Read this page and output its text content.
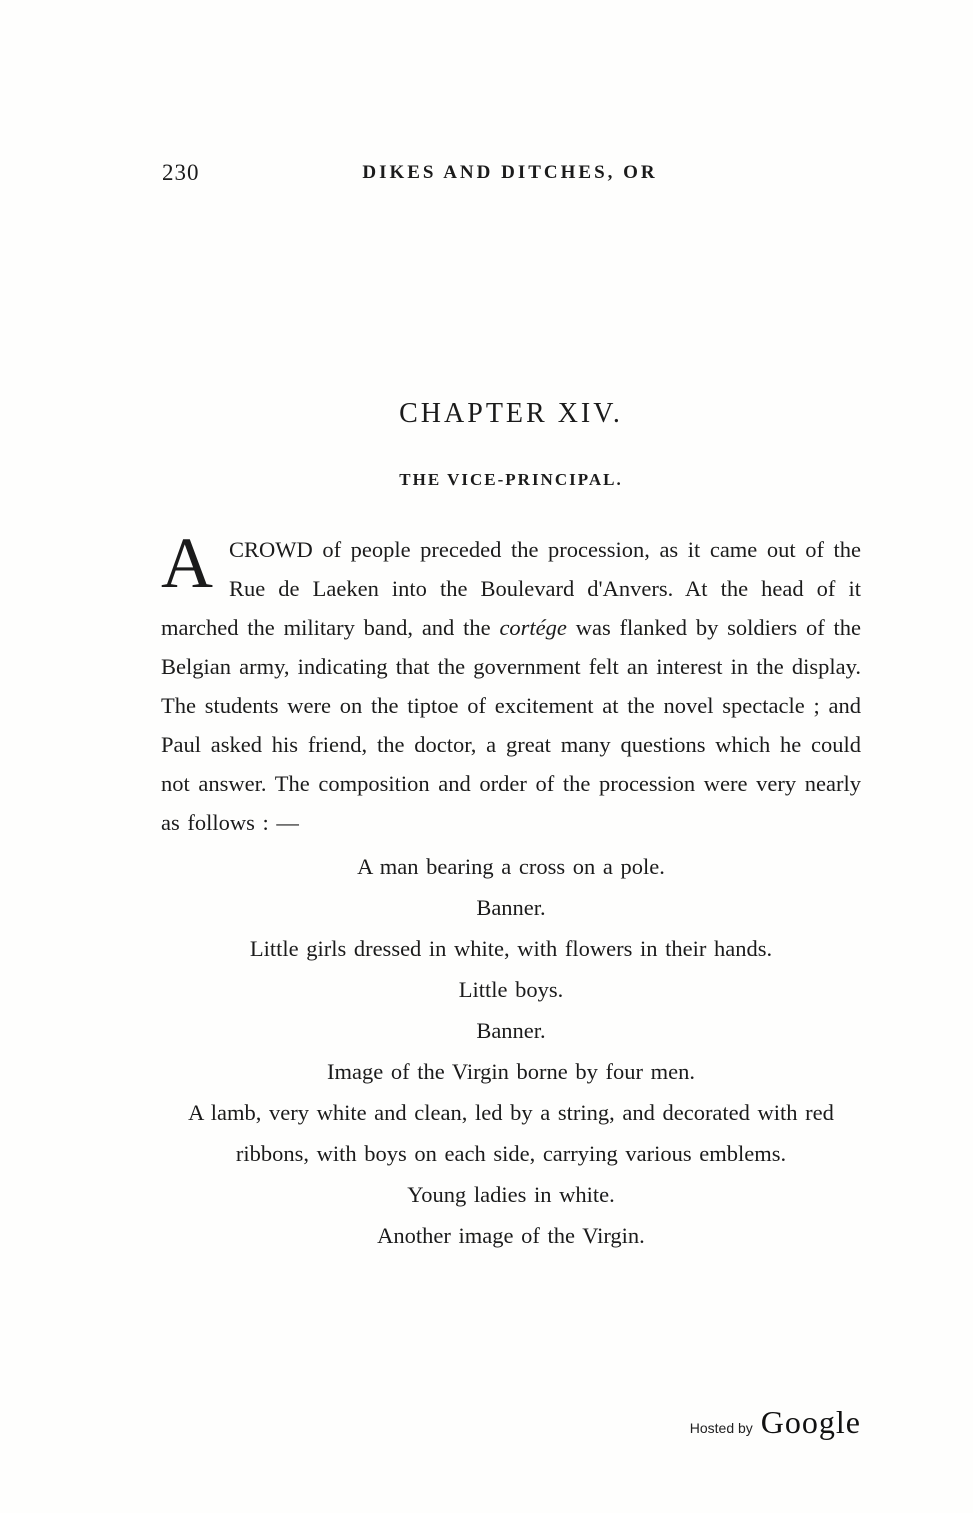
230	DIKES AND DITCHES, OR
CHAPTER XIV.
THE VICE-PRINCIPAL.

A CROWD of people preceded the procession, as it came out of the Rue de Laeken into the Boulevard d'Anvers. At the head of it marched the military band, and the cortége was flanked by soldiers of the Belgian army, indicating that the government felt an interest in the display. The students were on the tiptoe of excitement at the novel spectacle ; and Paul asked his friend, the doctor, a great many questions which he could not answer. The composition and order of the procession were very nearly as follows : —

A man bearing a cross on a pole.

Banner.

Little girls dressed in white, with flowers in their hands.

Little boys.

Banner.

Image of the Virgin borne by four men.

A lamb, very white and clean, led by a string, and decorated with red ribbons, with boys on each side, carrying various emblems.

Young ladies in white.

Another image of the Virgin.

Hosted by Google
